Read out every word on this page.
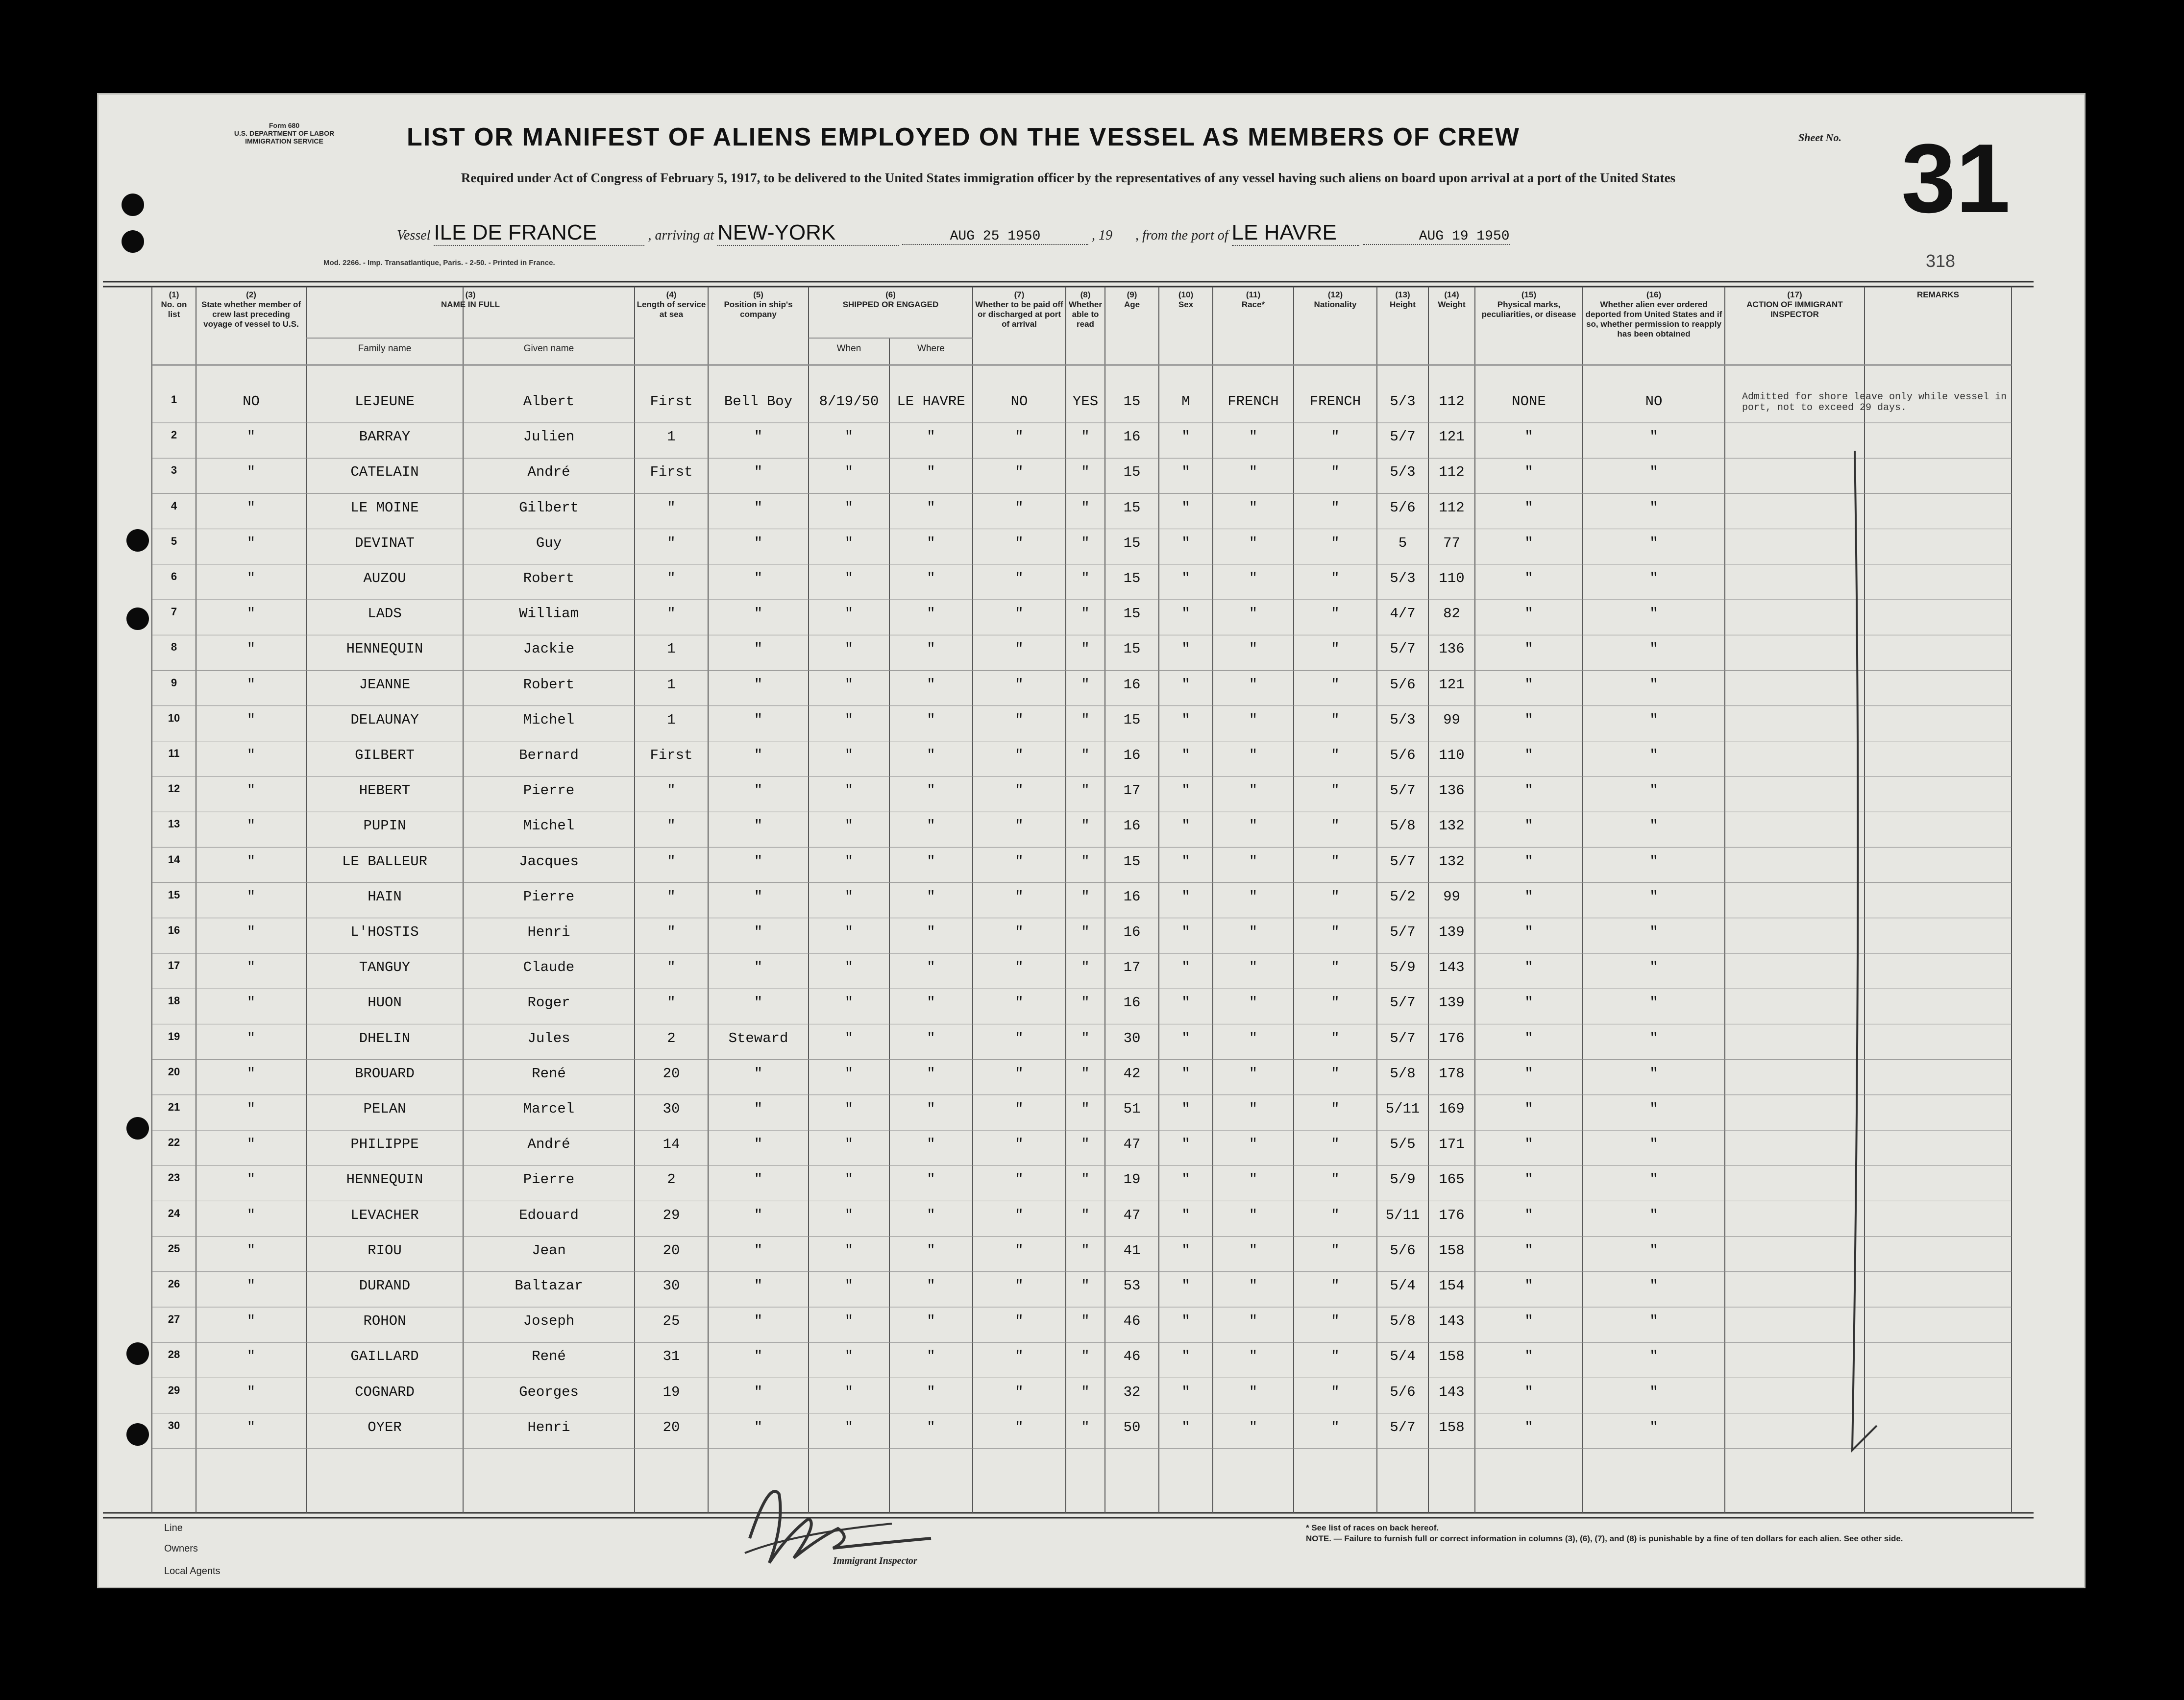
Form 680
U.S. DEPARTMENT OF LABOR
IMMIGRATION SERVICE	LIST OR MANIFEST OF ALIENS EMPLOYED ON THE VESSEL AS MEMBERS OF CREW	Sheet No. 31
Required under Act of Congress of February 5, 1917, to be delivered to the United States immigration officer by the representatives of any vessel having such aliens on board upon arrival at a port of the United States
Vessel ILE DE FRANCE	, arriving at NEW-YORK	AUG 25 1950	, 19 , from the port of LE HAVRE	AUG 19 1950
Mod. 2266. - Imp. Transatlantique, Paris. - 2-50. - Printed in France.	318
(1)
No. on list
(2)
State whether member of crew last preceding voyage of vessel to U.S.
(3)
NAME IN FULL
(4)
Length of service at sea
(5)
Position in ship's company
(6)
SHIPPED OR ENGAGED
(7)
Whether to be paid off or discharged at port of arrival
(8)
Whether able to read
(9)
Age
(10)
Sex
(11)
Race*
(12)
Nationality
(13)
Height
(14)
Weight
(15)
Physical marks, peculiarities, or disease
(16)
Whether alien ever ordered deported from United States and if so, whether permission to reapply has been obtained
(17)
ACTION OF IMMIGRANT INSPECTOR
REMARKS
Family name	Given name	When	Where
1	NO	LEJEUNE	Albert	First	Bell Boy	8/19/50	LE HAVRE	NO	YES	15	M	FRENCH	FRENCH	5/3	112	NONE	NO
2	"	BARRAY	Julien	1	"	"	"	"	"	16	"	"	"	5/7	121	"	"
3	"	CATELAIN	André	First	"	"	"	"	"	15	"	"	"	5/3	112	"	"
4	"	LE MOINE	Gilbert	"	"	"	"	"	"	15	"	"	"	5/6	112	"	"
5	"	DEVINAT	Guy	"	"	"	"	"	"	15	"	"	"	5	77	"	"
6	"	AUZOU	Robert	"	"	"	"	"	"	15	"	"	"	5/3	110	"	"
7	"	LADS	William	"	"	"	"	"	"	15	"	"	"	4/7	82	"	"
8	"	HENNEQUIN	Jackie	1	"	"	"	"	"	15	"	"	"	5/7	136	"	"
9	"	JEANNE	Robert	1	"	"	"	"	"	16	"	"	"	5/6	121	"	"
10	"	DELAUNAY	Michel	1	"	"	"	"	"	15	"	"	"	5/3	99	"	"
11	"	GILBERT	Bernard	First	"	"	"	"	"	16	"	"	"	5/6	110	"	"
12	"	HEBERT	Pierre	"	"	"	"	"	"	17	"	"	"	5/7	136	"	"
13	"	PUPIN	Michel	"	"	"	"	"	"	16	"	"	"	5/8	132	"	"
14	"	LE BALLEUR	Jacques	"	"	"	"	"	"	15	"	"	"	5/7	132	"	"
15	"	HAIN	Pierre	"	"	"	"	"	"	16	"	"	"	5/2	99	"	"
16	"	L'HOSTIS	Henri	"	"	"	"	"	"	16	"	"	"	5/7	139	"	"
17	"	TANGUY	Claude	"	"	"	"	"	"	17	"	"	"	5/9	143	"	"
18	"	HUON	Roger	"	"	"	"	"	"	16	"	"	"	5/7	139	"	"
19	"	DHELIN	Jules	2	Steward	"	"	"	"	30	"	"	"	5/7	176	"	"
20	"	BROUARD	René	20	"	"	"	"	"	42	"	"	"	5/8	178	"	"
21	"	PELAN	Marcel	30	"	"	"	"	"	51	"	"	"	5/11	169	"	"
22	"	PHILIPPE	André	14	"	"	"	"	"	47	"	"	"	5/5	171	"	"
23	"	HENNEQUIN	Pierre	2	"	"	"	"	"	19	"	"	"	5/9	165	"	"
24	"	LEVACHER	Edouard	29	"	"	"	"	"	47	"	"	"	5/11	176	"	"
25	"	RIOU	Jean	20	"	"	"	"	"	41	"	"	"	5/6	158	"	"
26	"	DURAND	Baltazar	30	"	"	"	"	"	53	"	"	"	5/4	154	"	"
27	"	ROHON	Joseph	25	"	"	"	"	"	46	"	"	"	5/8	143	"	"
28	"	GAILLARD	René	31	"	"	"	"	"	46	"	"	"	5/4	158	"	"
29	"	COGNARD	Georges	19	"	"	"	"	"	32	"	"	"	5/6	143	"	"
30	"	OYER	Henri	20	"	"	"	"	"	50	"	"	"	5/7	158	"	"
Admitted for shore leave only while vessel in port, not to exceed 29 days.
Line
Owners
Local Agents
Immigrant Inspector
* See list of races on back hereof.
NOTE. — Failure to furnish full or correct information in columns (3), (6), (7), and (8) is punishable by a fine of ten dollars for each alien. See other side.
